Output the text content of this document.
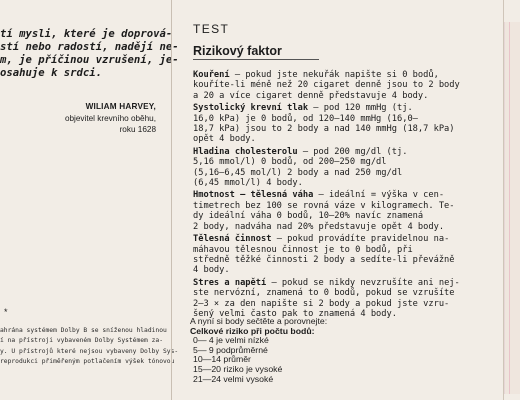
tí mysli, které je doprová-
stí nebo radostí, nadějí ne-
m, je příčinou vzrušení, je-
osahuje k srdci.
WILIAM HARVEY,
objevitel krevního oběhu,
roku 1628
*
ahrána systémem Dolby B se sníženou hladinou
í na přístroji vybaveném Dolby Systémem za-
y. U přístrojů které nejsou vybaveny Dolby Sys-
reprodukci přiměřeným potlačením výšek tónovou
TEST
Rizikový faktor
Kouření — pokud jste nekuřák napište si 0 bodů,
kouříte-li méně než 20 cigaret denně jsou to 2 body
a 20 a více cigaret denně představuje 4 body.
Systolický krevní tlak — pod 120 mmHg (tj.
16,0 kPa) je 0 bodů, od 120—140 mmHg (16,0—
18,7 kPa) jsou to 2 body a nad 140 mmHg (18,7 kPa)
opět 4 body.
Hladina cholesterolu — pod 200 mg/dl (tj.
5,16 mmol/l) 0 bodů, od 200—250 mg/dl
(5,16—6,45 mol/l) 2 body a nad 250 mg/dl
(6,45 mmol/l) 4 body.
Hmotnost — tělesná váha — ideální = výška v cen-
timetrech bez 100 se rovná váze v kilogramech. Te-
dy ideální váha 0 bodů, 10—20% navíc znamená
2 body, nadváha nad 20% představuje opět 4 body.
Tělesná činnost — pokud provádíte pravidelnou na-
máhavou tělesnou činnost je to 0 bodů, při
středně těžké činnosti 2 body a sedíte-li převážně
4 body.
Stres a napětí — pokud se nikdy nevzrušíte ani nej-
ste nervózní, znamená to 0 bodů, pokud se vzrušíte
2—3 × za den napište si 2 body a pokud jste vzru-
šený velmi často pak to znamená 4 body.

A nyní si body sečtěte a porovnejte:

Celkové riziko při počtu bodů:

0— 4 je velmi nízké
5— 9 podprůměrné
10—14 průměr
15—20 riziko je vysoké
21—24 velmi vysoké
